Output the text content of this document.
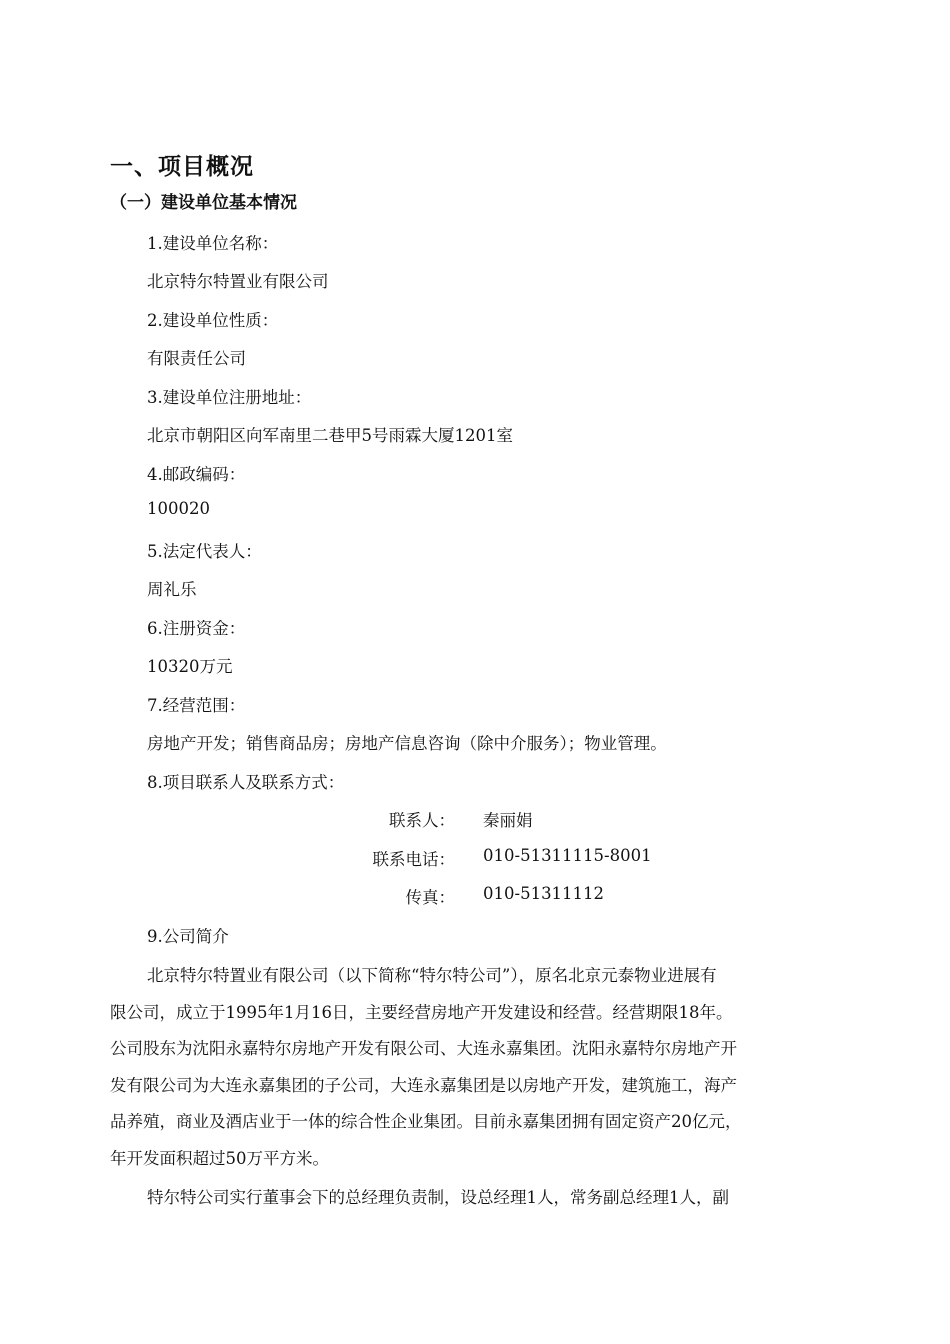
一、项目概况
（一）建设单位基本情况
1.建设单位名称：
北京特尔特置业有限公司
2.建设单位性质：
有限责任公司
3.建设单位注册地址：
北京市朝阳区向军南里二巷甲5号雨霖大厦1201室
4.邮政编码：
100020
5.法定代表人：
周礼乐
6.注册资金：
10320万元
7.经营范围：
房地产开发；销售商品房；房地产信息咨询（除中介服务）；物业管理。
8.项目联系人及联系方式：
联系人： 秦丽娟
联系电话： 010-51311115-8001
传真： 010-51311112
9.公司简介
北京特尔特置业有限公司（以下简称“特尔特公司”），原名北京元泰物业进展有
限公司，成立于1995年1月16日，主要经营房地产开发建设和经营。经营期限18年。
公司股东为沈阳永嘉特尔房地产开发有限公司、大连永嘉集团。沈阳永嘉特尔房地产开
发有限公司为大连永嘉集团的子公司，大连永嘉集团是以房地产开发，建筑施工，海产
品养殖，商业及酒店业于一体的综合性企业集团。目前永嘉集团拥有固定资产20亿元，
年开发面积超过50万平方米。
特尔特公司实行董事会下的总经理负责制，设总经理1人，常务副总经理1人，副
